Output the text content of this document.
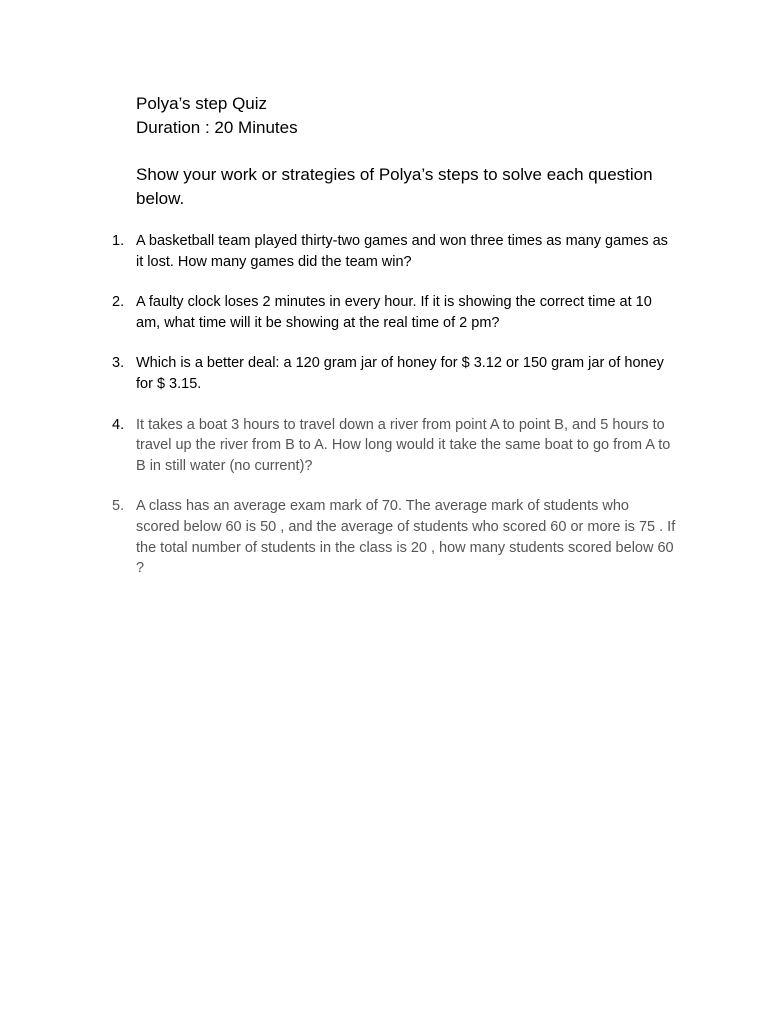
Polya’s step Quiz
Duration : 20 Minutes
Show your work or strategies of Polya’s steps to solve each question below.
1. A basketball team played thirty-two games and won three times as many games as it lost. How many games did the team win?
2. A faulty clock loses 2 minutes in every hour. If it is showing the correct time at 10 am, what time will it be showing at the real time of 2 pm?
3. Which is a better deal: a 120 gram jar of honey for $ 3.12 or 150 gram jar of honey for $ 3.15.
4. It takes a boat 3 hours to travel down a river from point A to point B, and 5 hours to travel up the river from B to A. How long would it take the same boat to go from A to B in still water (no current)?
5. A class has an average exam mark of 70. The average mark of students who scored below 60 is 50 , and the average of students who scored 60 or more is 75 . If the total number of students in the class is 20 , how many students scored below 60 ?
